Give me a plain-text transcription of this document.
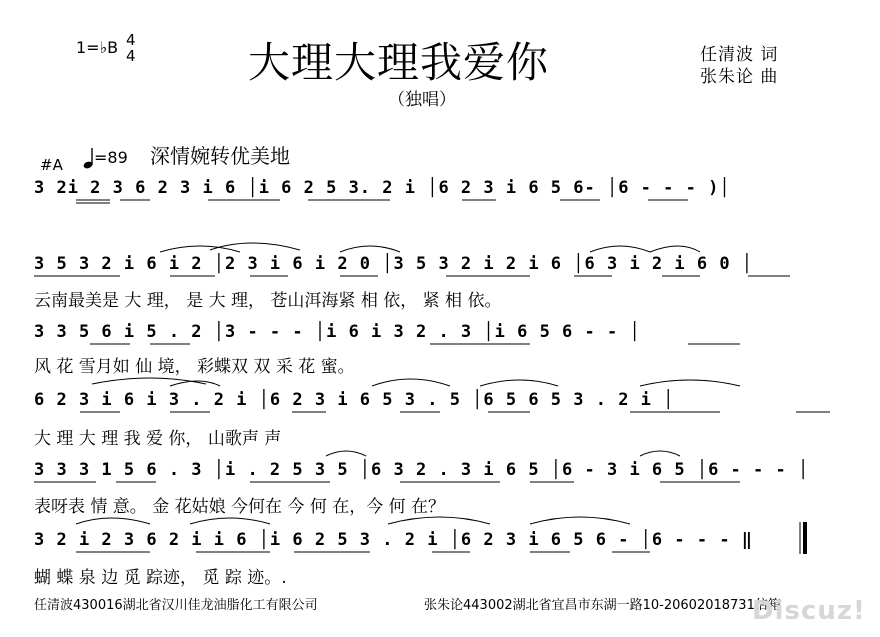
1=♭B 4
4	大理大理我爱你
（独唱）
任清波 词
张朱论 曲
#A =89 深情婉转优美地
3 2i 2 3 6 2 3 i 6 │i 6 2 5 3. 2 i │6 2 3 i 6 5 6- │6 - - - )│
3 5 3 2 i 6 i 2 │2 3 i 6 i 2 0 │3 5 3 2 i 2 i 6 │6 3 i 2 i 6 0 │
云南最美是 大 理， 是 大 理， 苍山洱海紧 相 依， 紧 相 依。
3 3 5 6 i 5 . 2 │3 - - - │i 6 i 3 2 . 3 │i 6 5 6 - - │
风 花 雪月如 仙 境， 彩蝶双 双 采 花 蜜。
6 2 3 i 6 i 3 . 2 i │6 2 3 i 6 5 3 . 5 │6 5 6 5 3 . 2 i │
大 理 大 理 我 爱 你， 山歌声 声
3 3 3 1 5 6 . 3 │i . 2 5 3 5 │6 3 2 . 3 i 6 5 │6 - 3 i 6 5 │6 - - - │
表呀表 情 意。 金 花姑娘 今何在 今 何 在，今 何 在？
3 2 i 2 3 6 2 i i 6 │i 6 2 5 3 . 2 i │6 2 3 i 6 5 6 - │6 - - - ‖
蝴 蝶 泉 边 觅 踪迹， 觅 踪 迹。.
任清波430016湖北省汉川佳龙油脂化工有限公司	张朱论443002湖北省宜昌市东湖一路10-20602018731信箱
Discuz!
